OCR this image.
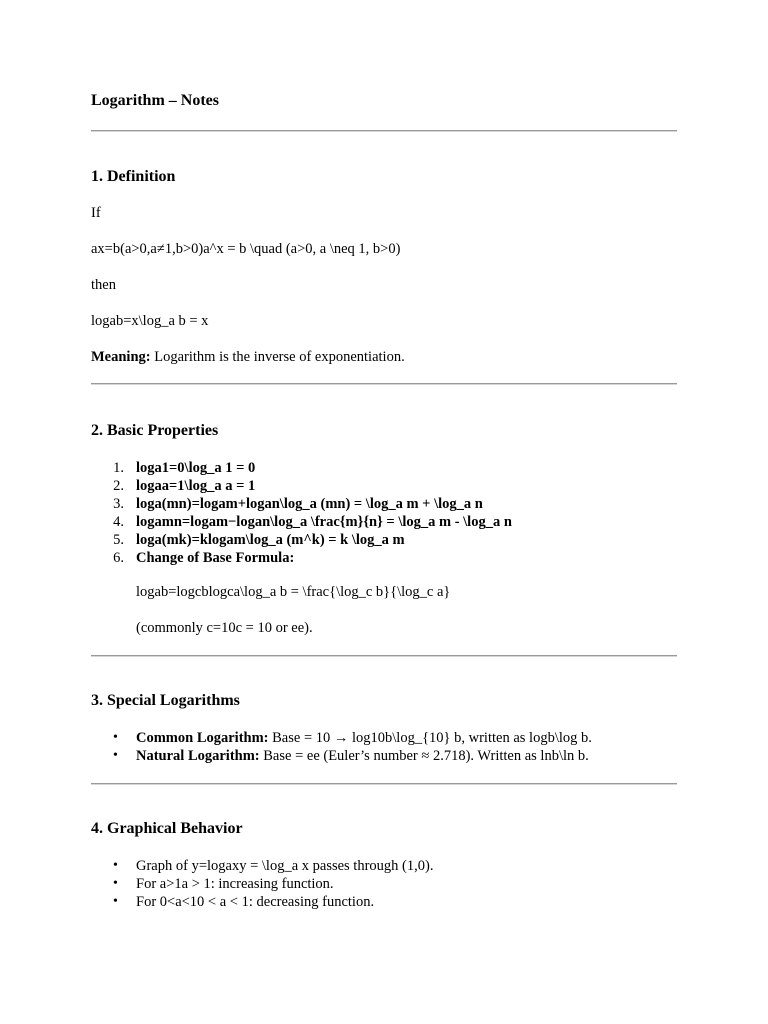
Logarithm – Notes
1. Definition
If
ax=b(a>0,a≠1,b>0)a^x = b \quad (a>0, a \neq 1, b>0)
then
logab=x\log_a b = x
Meaning: Logarithm is the inverse of exponentiation.
2. Basic Properties
1. loga1=0\log_a 1 = 0
2. logaa=1\log_a a = 1
3. loga(mn)=logam+logan\log_a (mn) = \log_a m + \log_a n
4. logamn=logam−logan\log_a \frac{m}{n} = \log_a m - \log_a n
5. loga(mk)=klogam\log_a (m^k) = k \log_a m
6. Change of Base Formula:
logab=logcblogca\log_a b = \frac{\log_c b}{\log_c a}
(commonly c=10c = 10 or ee).
3. Special Logarithms
• Common Logarithm: Base = 10 → log10b\log_{10} b, written as logb\log b.
• Natural Logarithm: Base = ee (Euler’s number ≈ 2.718). Written as lnb\ln b.
4. Graphical Behavior
• Graph of y=logaxy = \log_a x passes through (1,0).
• For a>1a > 1: increasing function.
• For 0<a<10 < a < 1: decreasing function.
